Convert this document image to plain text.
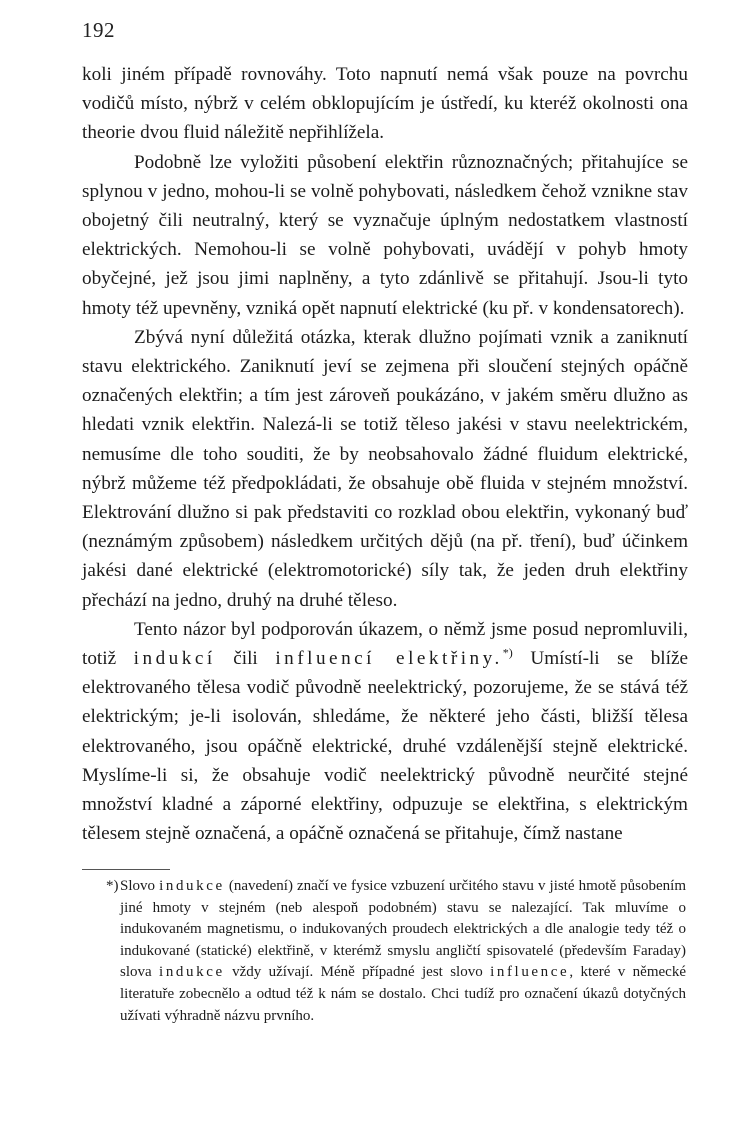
192

koli jiném případě rovnováhy. Toto napnutí nemá však pouze na povrchu vodičů místo, nýbrž v celém obklopujícím je ústředí, ku kteréž okolnosti ona theorie dvou fluid náležitě nepřihlížela.

Podobně lze vyložiti působení elektřin různoznačných; přitahujíce se splynou v jedno, mohou-li se volně pohybovati, následkem čehož vznikne stav obojetný čili neutralný, který se vyznačuje úplným nedostatkem vlastností elektrických. Nemohou-li se volně pohybovati, uvádějí v pohyb hmoty obyčejné, jež jsou jimi naplněny, a tyto zdánlivě se přitahují. Jsou-li tyto hmoty též upevněny, vzniká opět napnutí elektrické (ku př. v kondensatorech).

Zbývá nyní důležitá otázka, kterak dlužno pojímati vznik a zaniknutí stavu elektrického. Zaniknutí jeví se zejmena při sloučení stejných opáčně označených elektřin; a tím jest zároveň poukázáno, v jakém směru dlužno as hledati vznik elektřin. Nalezá-li se totiž těleso jakési v stavu neelektrickém, nemusíme dle toho souditi, že by neobsahovalo žádné fluidum elektrické, nýbrž můžeme též předpokládati, že obsahuje obě fluida v stejném množství. Elektrování dlužno si pak představiti co rozklad obou elektřin, vykonaný buď (neznámým způsobem) následkem určitých dějů (na př. tření), buď účinkem jakési dané elektrické (elektromotorické) síly tak, že jeden druh elektřiny přechází na jedno, druhý na druhé těleso.

Tento názor byl podporován úkazem, o němž jsme posud nepromluvili, totiž indukcí čili influencí elektřiny.*) Umístí-li se blíže elektrovaného tělesa vodič původně neelektrický, pozorujeme, že se stává též elektrickým; je-li isolován, shledáme, že některé jeho části, bližší tělesa elektrovaného, jsou opáčně elektrické, druhé vzdálenější stejně elektrické. Myslíme-li si, že obsahuje vodič neelektrický původně neurčité stejné množství kladné a záporné elektřiny, odpuzuje se elektřina, s elektrickým tělesem stejně označená, a opáčně označená se přitahuje, čímž nastane

*) Slovo indukce (navedení) značí ve fysice vzbuzení určitého stavu v jisté hmotě působením jiné hmoty v stejném (neb alespoň podobném) stavu se nalezající. Tak mluvíme o indukovaném magnetismu, o indukovaných proudech elektrických a dle analogie tedy též o indukované (statické) elektřině, v kterémž smyslu angličtí spisovatelé (především Faraday) slova indukce vždy užívají. Méně případné jest slovo influence, které v německé literatuře zobecnělo a odtud též k nám se dostalo. Chci tudíž pro označení úkazů dotyčných užívati výhradně názvu prvního.
